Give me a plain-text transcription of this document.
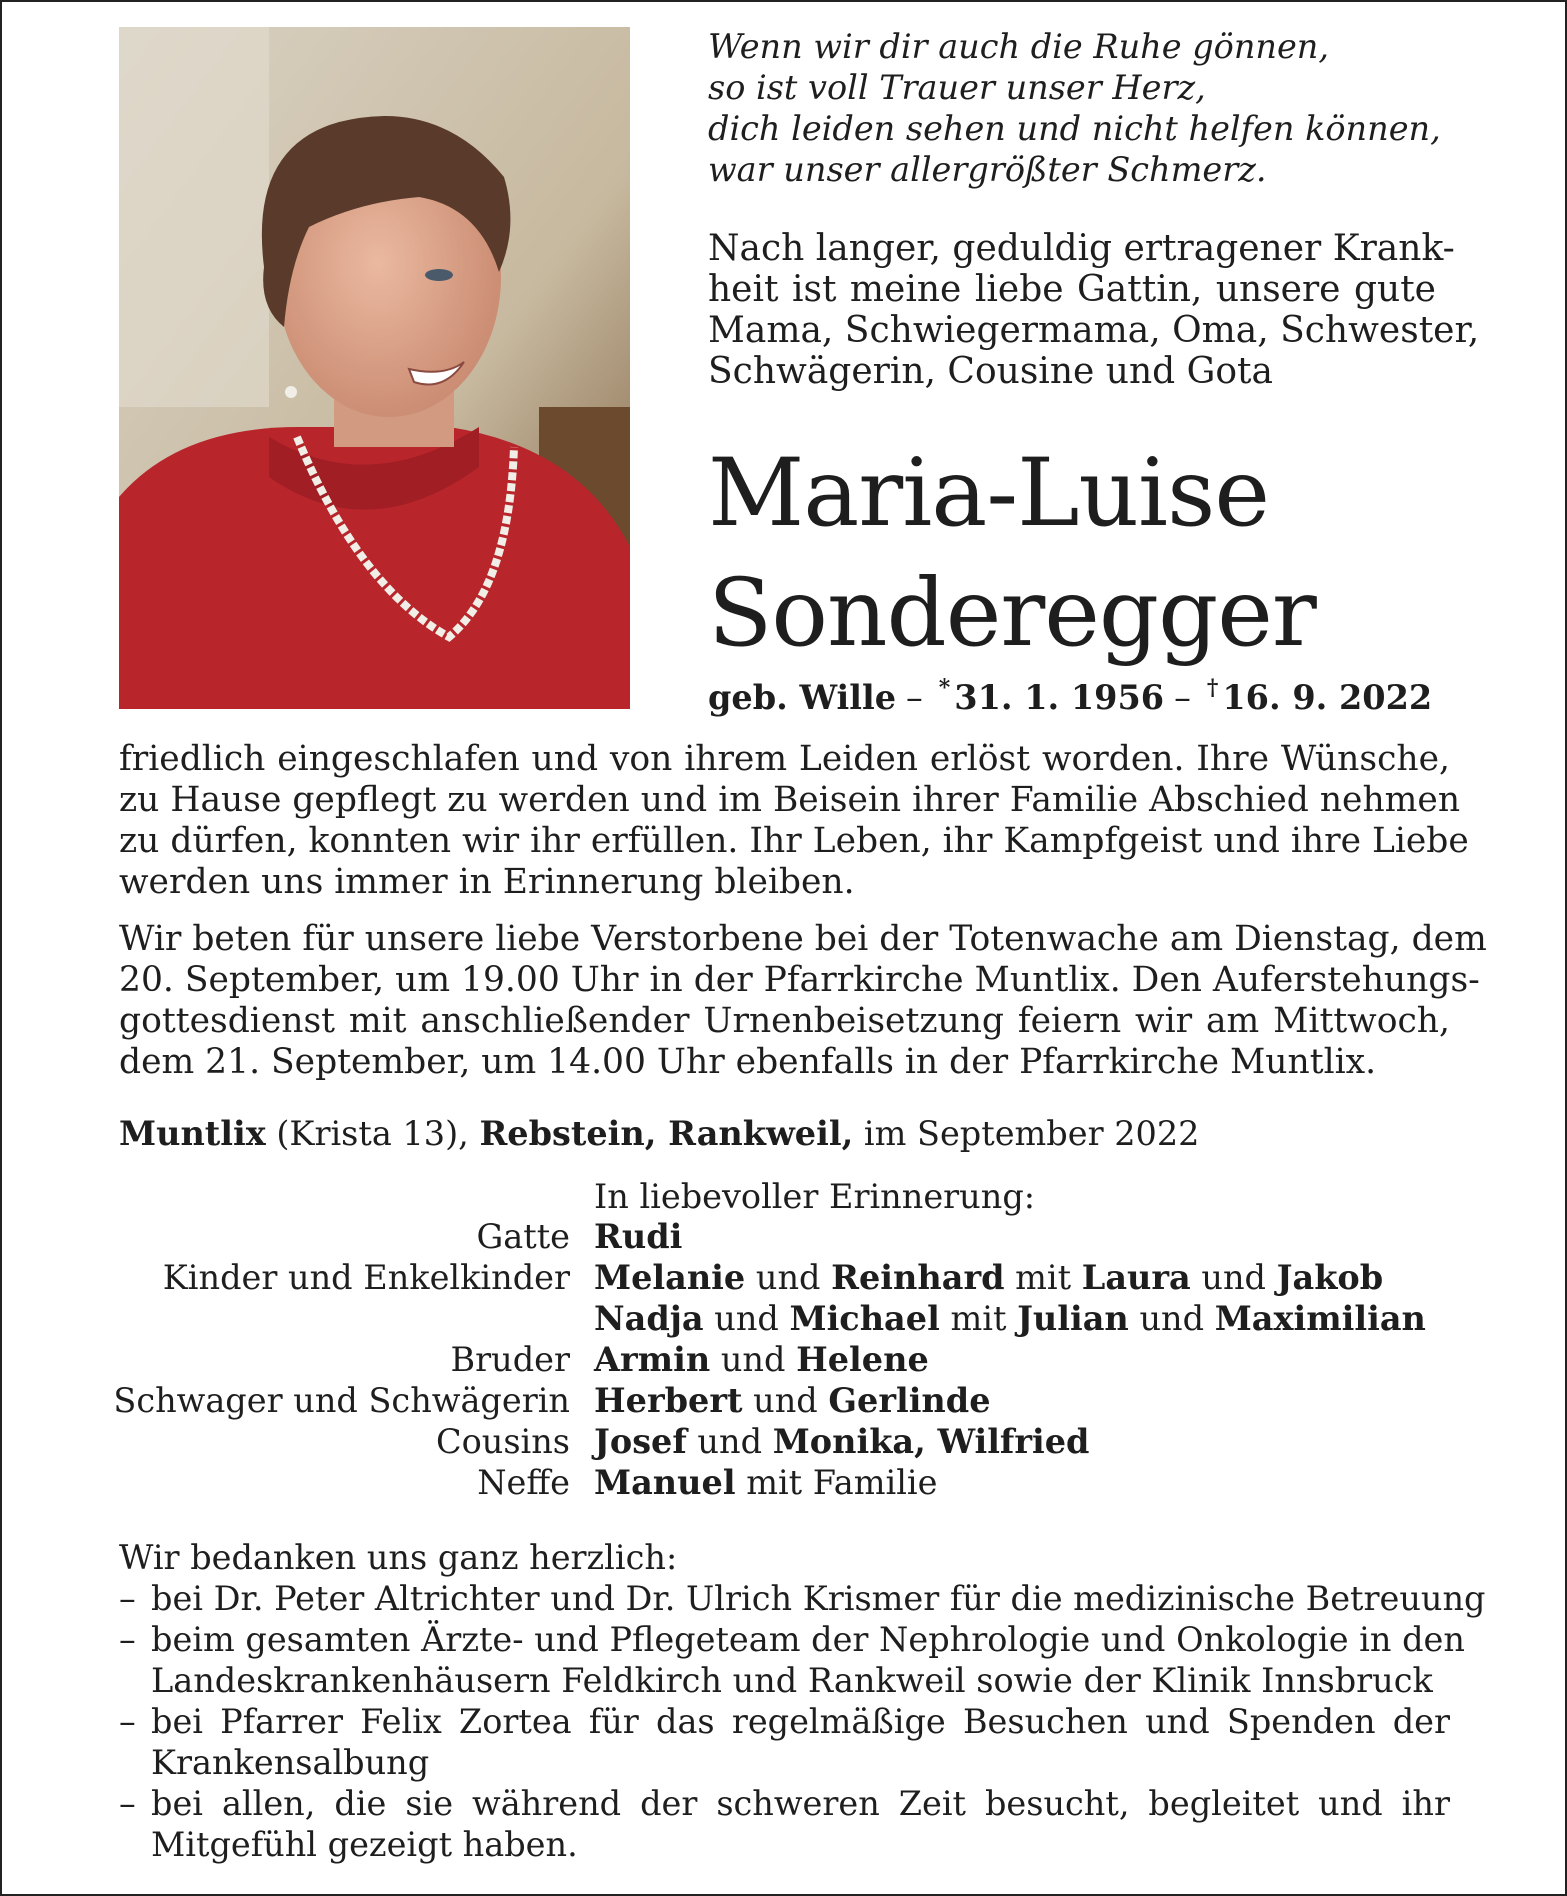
Wenn wir dir auch die Ruhe gönnen,
so ist voll Trauer unser Herz,
dich leiden sehen und nicht helfen können,
war unser allergrößter Schmerz.
Nach langer, geduldig ertragener Krank-
heit ist meine liebe Gattin, unsere gute
Mama, Schwiegermama, Oma, Schwester,
Schwägerin, Cousine und Gota
Maria-Luise
Sonderegger
geb. Wille – * 31. 1. 1956 – † 16. 9. 2022
friedlich eingeschlafen und von ihrem Leiden erlöst worden. Ihre Wünsche,
zu Hause gepflegt zu werden und im Beisein ihrer Familie Abschied nehmen
zu dürfen, konnten wir ihr erfüllen. Ihr Leben, ihr Kampfgeist und ihre Liebe
werden uns immer in Erinnerung bleiben.
Wir beten für unsere liebe Verstorbene bei der Totenwache am Dienstag, dem
20. September, um 19.00 Uhr in der Pfarrkirche Muntlix. Den Auferstehungs-
gottesdienst mit anschließender Urnenbeisetzung feiern wir am Mittwoch,
dem 21. September, um 14.00 Uhr ebenfalls in der Pfarrkirche Muntlix.
Muntlix (Krista 13), Rebstein, Rankweil, im September 2022
In liebevoller Erinnerung:
Gatte Rudi
Kinder und Enkelkinder Melanie und Reinhard mit Laura und Jakob
Nadja und Michael mit Julian und Maximilian
Bruder Armin und Helene
Schwager und Schwägerin Herbert und Gerlinde
Cousins Josef und Monika, Wilfried
Neffe Manuel mit Familie
Wir bedanken uns ganz herzlich:
– bei Dr. Peter Altrichter und Dr. Ulrich Krismer für die medizinische Betreuung
– beim gesamten Ärzte- und Pflegeteam der Nephrologie und Onkologie in den
Landeskrankenhäusern Feldkirch und Rankweil sowie der Klinik Innsbruck
– bei Pfarrer Felix Zortea für das regelmäßige Besuchen und Spenden der
Krankensalbung
– bei allen, die sie während der schweren Zeit besucht, begleitet und ihr
Mitgefühl gezeigt haben.
